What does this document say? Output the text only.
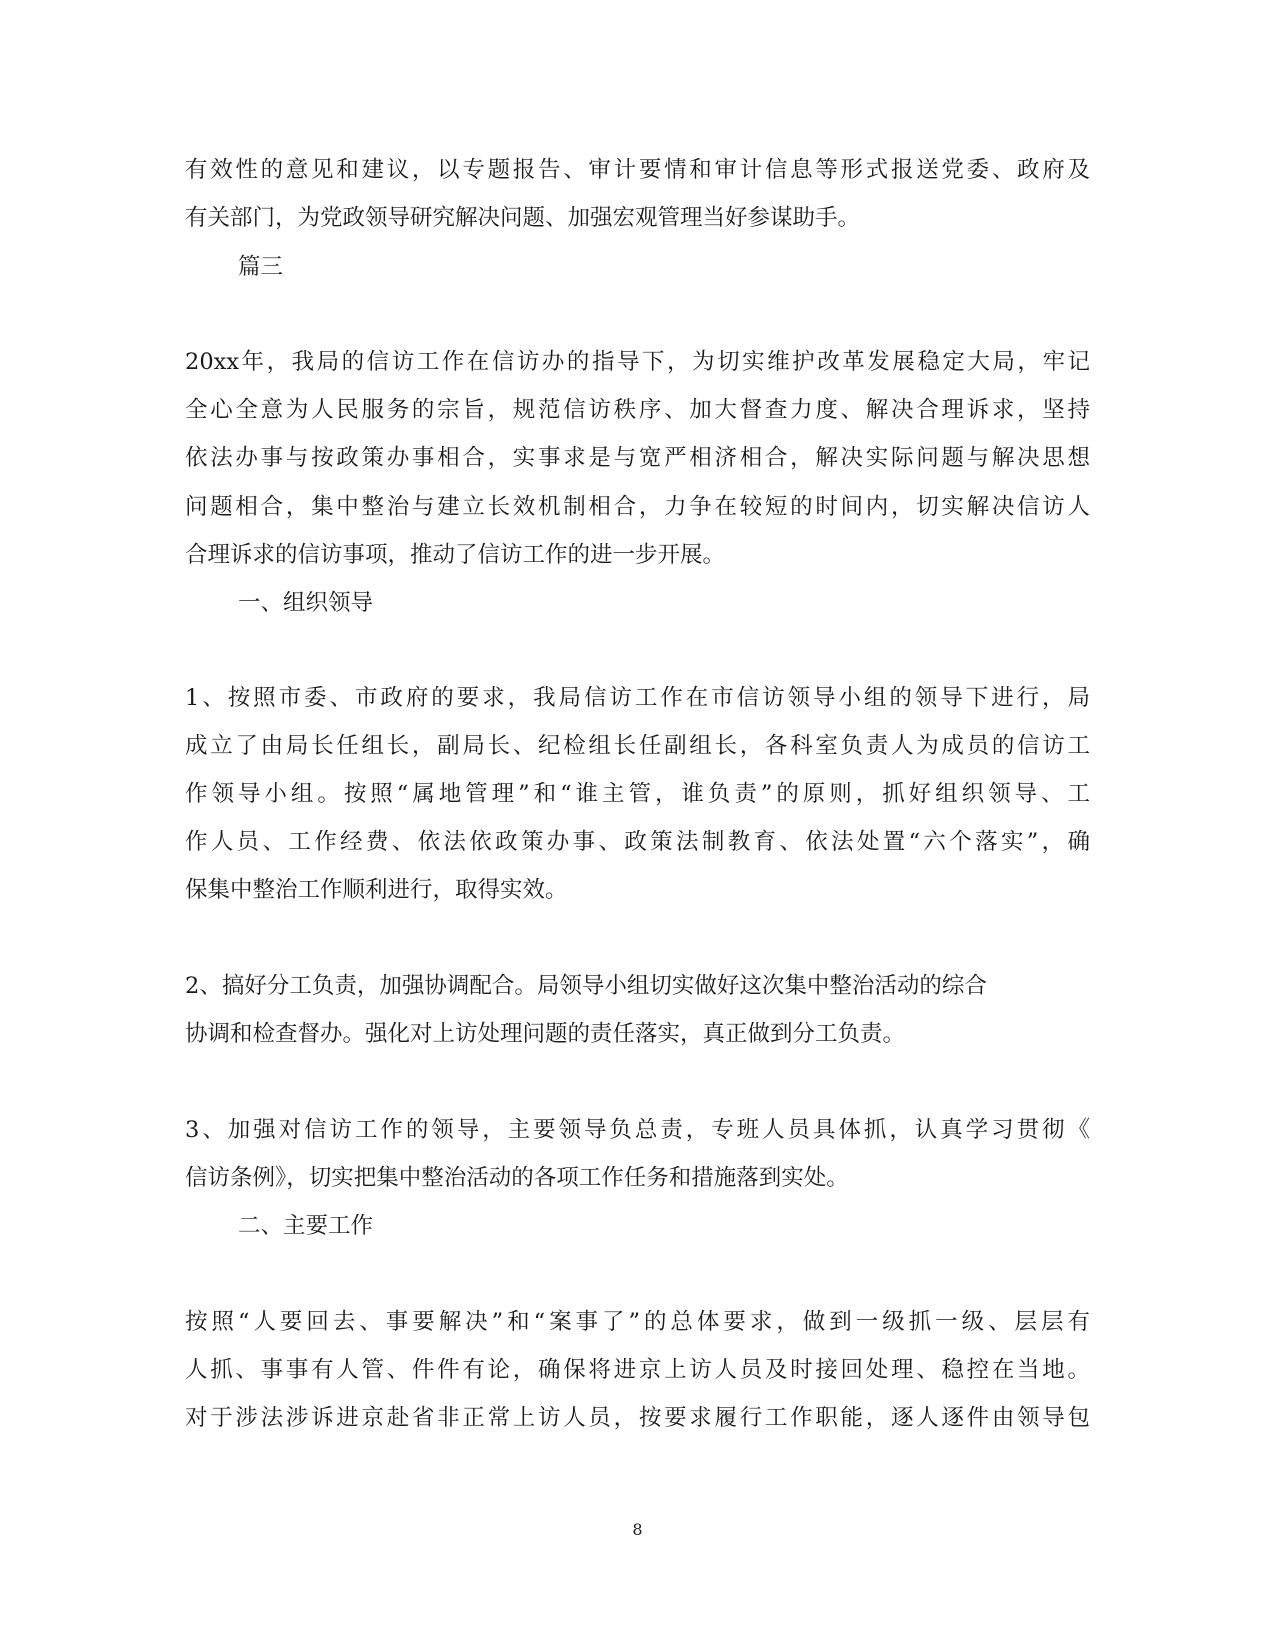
有效性的意见和建议，以专题报告、审计要情和审计信息等形式报送党委、政府及
有关部门，为党政领导研究解决问题、加强宏观管理当好参谋助手。
篇三
20xx年，我局的信访工作在信访办的指导下，为切实维护改革发展稳定大局，牢记
全心全意为人民服务的宗旨，规范信访秩序、加大督查力度、解决合理诉求，坚持
依法办事与按政策办事相合，实事求是与宽严相济相合，解决实际问题与解决思想
问题相合，集中整治与建立长效机制相合，力争在较短的时间内，切实解决信访人
合理诉求的信访事项，推动了信访工作的进一步开展。
一、组织领导
1、按照市委、市政府的要求，我局信访工作在市信访领导小组的领导下进行，局
成立了由局长任组长，副局长、纪检组长任副组长，各科室负责人为成员的信访工
作领导小组。按照“属地管理”和“谁主管，谁负责”的原则，抓好组织领导、工
作人员、工作经费、依法依政策办事、政策法制教育、依法处置“六个落实”，确
保集中整治工作顺利进行，取得实效。
2、搞好分工负责，加强协调配合。局领导小组切实做好这次集中整治活动的综合
协调和检查督办。强化对上访处理问题的责任落实，真正做到分工负责。
3、加强对信访工作的领导，主要领导负总责，专班人员具体抓，认真学习贯彻《
信访条例》，切实把集中整治活动的各项工作任务和措施落到实处。
二、主要工作
按照“人要回去、事要解决”和“案事了”的总体要求，做到一级抓一级、层层有
人抓、事事有人管、件件有论，确保将进京上访人员及时接回处理、稳控在当地。
对于涉法涉诉进京赴省非正常上访人员，按要求履行工作职能，逐人逐件由领导包
8
